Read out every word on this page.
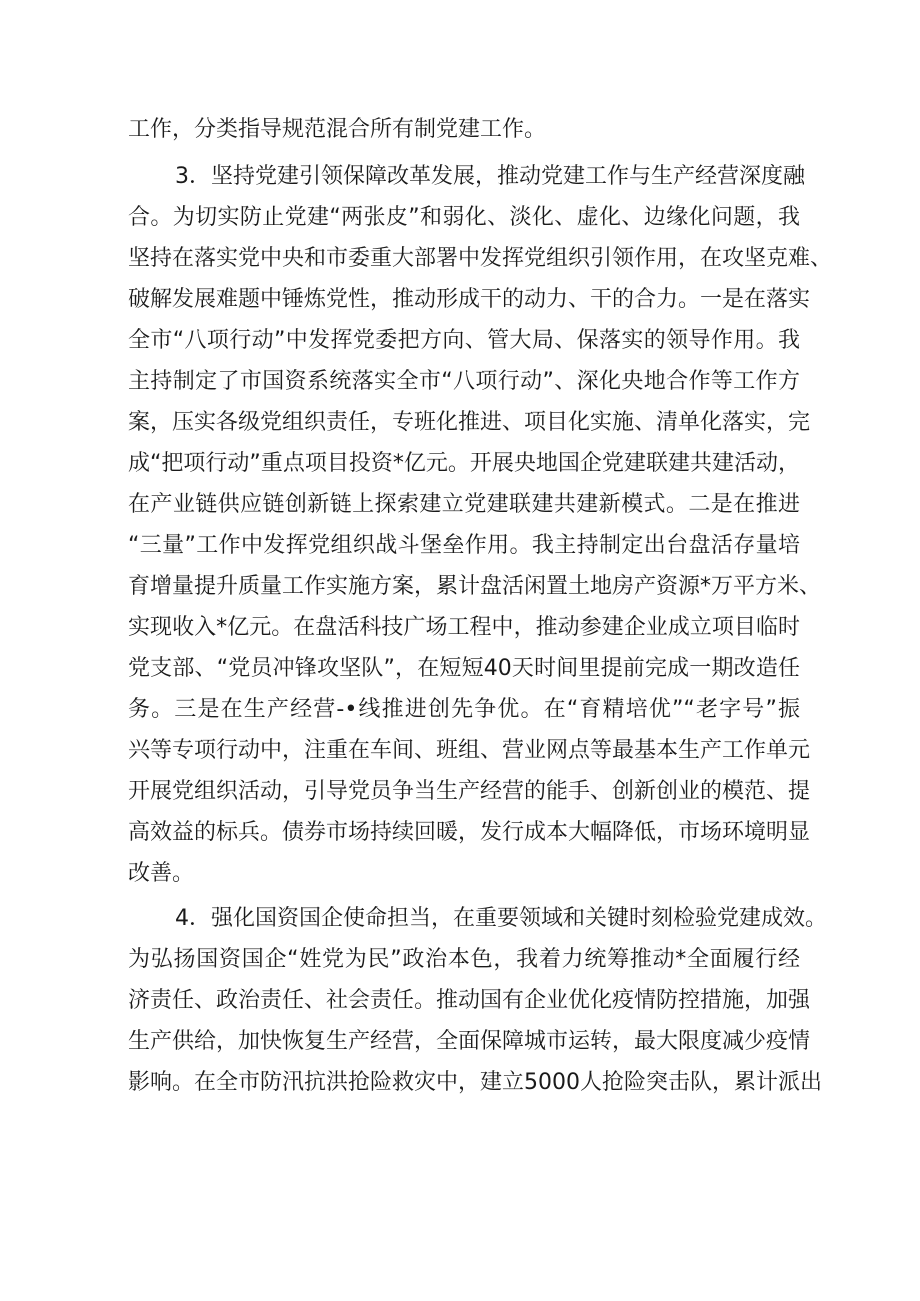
工作，分类指导规范混合所有制党建工作。
3．坚持党建引领保障改革发展，推动党建工作与生产经营深度融
合。为切实防止党建“两张皮”和弱化、淡化、虚化、边缘化问题，我
坚持在落实党中央和市委重大部署中发挥党组织引领作用，在攻坚克难、
破解发展难题中锤炼党性，推动形成干的动力、干的合力。一是在落实
全市“八项行动”中发挥党委把方向、管大局、保落实的领导作用。我
主持制定了市国资系统落实全市“八项行动”、深化央地合作等工作方
案，压实各级党组织责任，专班化推进、项目化实施、清单化落实，完
成“把项行动”重点项目投资*亿元。开展央地国企党建联建共建活动，
在产业链供应链创新链上探索建立党建联建共建新模式。二是在推进
“三量”工作中发挥党组织战斗堡垒作用。我主持制定出台盘活存量培
育增量提升质量工作实施方案，累计盘活闲置土地房产资源*万平方米、
实现收入*亿元。在盘活科技广场工程中，推动参建企业成立项目临时
党支部、“党员冲锋攻坚队”，在短短40天时间里提前完成一期改造任
务。三是在生产经营-•线推进创先争优。在“育精培优”“老字号”振
兴等专项行动中，注重在车间、班组、营业网点等最基本生产工作单元
开展党组织活动，引导党员争当生产经营的能手、创新创业的模范、提
高效益的标兵。债券市场持续回暖，发行成本大幅降低，市场环境明显
改善。
4．强化国资国企使命担当，在重要领域和关键时刻检验党建成效。
为弘扬国资国企“姓党为民”政治本色，我着力统筹推动*全面履行经
济责任、政治责任、社会责任。推动国有企业优化疫情防控措施，加强
生产供给，加快恢复生产经营，全面保障城市运转，最大限度减少疫情
影响。在全市防汛抗洪抢险救灾中，建立5000人抢险突击队，累计派出
